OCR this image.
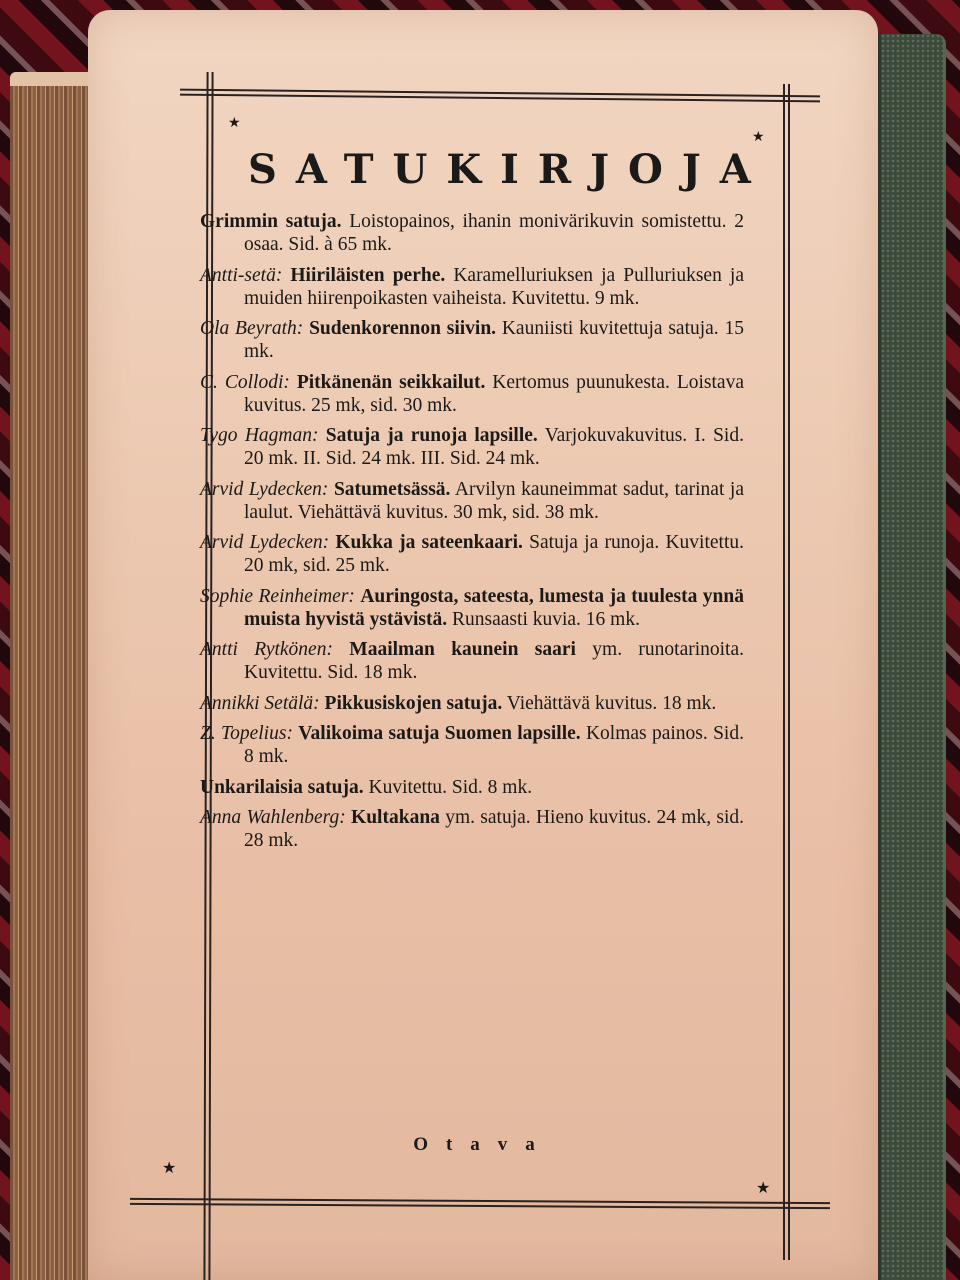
★
★
★
★
SATUKIRJOJA

Grimmin satuja. Loistopainos, ihanin monivärikuvin somistettu. 2 osaa. Sid. à 65 mk.

Antti-setä: Hiiriläisten perhe. Karamelluriuksen ja Pulluriuksen ja muiden hiirenpoikasten vaiheista. Kuvitettu. 9 mk.

Ola Beyrath: Sudenkorennon siivin. Kauniisti kuvitettuja satuja. 15 mk.

C. Collodi: Pitkänenän seikkailut. Kertomus puunukesta. Loistava kuvitus. 25 mk, sid. 30 mk.

Tygo Hagman: Satuja ja runoja lapsille. Varjokuvakuvitus. I. Sid. 20 mk. II. Sid. 24 mk. III. Sid. 24 mk.

Arvid Lydecken: Satumetsässä. Arvilyn kauneimmat sadut, tarinat ja laulut. Viehättävä kuvitus. 30 mk, sid. 38 mk.

Arvid Lydecken: Kukka ja sateenkaari. Satuja ja runoja. Kuvitettu. 20 mk, sid. 25 mk.

Sophie Reinheimer: Auringosta, sateesta, lumesta ja tuulesta ynnä muista hyvistä ystävistä. Runsaasti kuvia. 16 mk.

Antti Rytkönen: Maailman kaunein saari ym. runotarinoita. Kuvitettu. Sid. 18 mk.

Annikki Setälä: Pikkusiskojen satuja. Viehättävä kuvitus. 18 mk.

Z. Topelius: Valikoima satuja Suomen lapsille. Kolmas painos. Sid. 8 mk.

Unkarilaisia satuja. Kuvitettu. Sid. 8 mk.

Anna Wahlenberg: Kultakana ym. satuja. Hieno kuvitus. 24 mk, sid. 28 mk.

Otava
